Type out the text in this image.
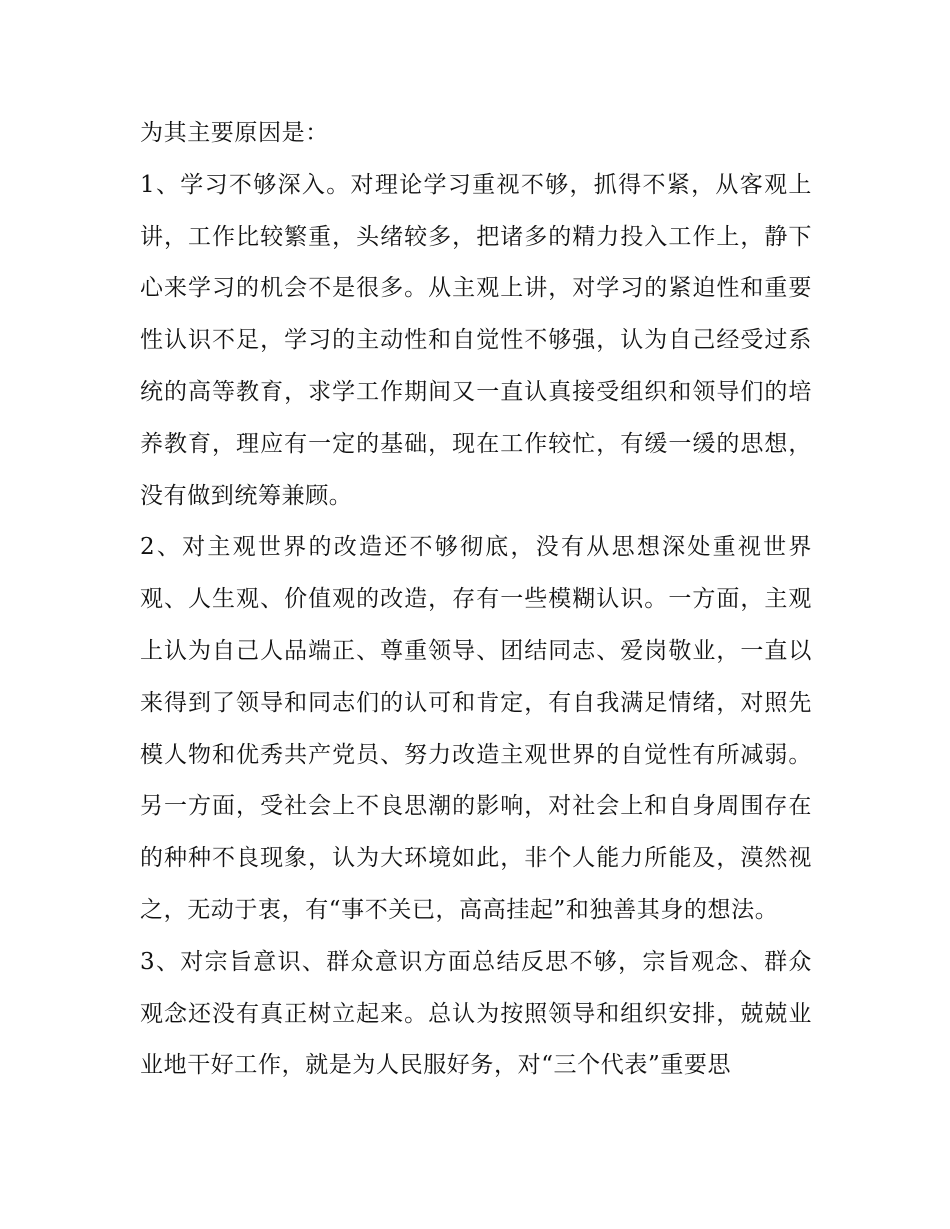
为其主要原因是：

1、学习不够深入。对理论学习重视不够，抓得不紧，从客观上讲，工作比较繁重，头绪较多，把诸多的精力投入工作上，静下心来学习的机会不是很多。从主观上讲，对学习的紧迫性和重要性认识不足，学习的主动性和自觉性不够强，认为自己经受过系统的高等教育，求学工作期间又一直认真接受组织和领导们的培养教育，理应有一定的基础，现在工作较忙，有缓一缓的思想，没有做到统筹兼顾。

2、对主观世界的改造还不够彻底，没有从思想深处重视世界观、人生观、价值观的改造，存有一些模糊认识。一方面，主观上认为自己人品端正、尊重领导、团结同志、爱岗敬业，一直以来得到了领导和同志们的认可和肯定，有自我满足情绪，对照先模人物和优秀共产党员、努力改造主观世界的自觉性有所减弱。另一方面，受社会上不良思潮的影响，对社会上和自身周围存在的种种不良现象，认为大环境如此，非个人能力所能及，漠然视之，无动于衷，有“事不关已，高高挂起”和独善其身的想法。

3、对宗旨意识、群众意识方面总结反思不够，宗旨观念、群众观念还没有真正树立起来。总认为按照领导和组织安排，兢兢业业地干好工作，就是为人民服好务，对“三个代表”重要思
